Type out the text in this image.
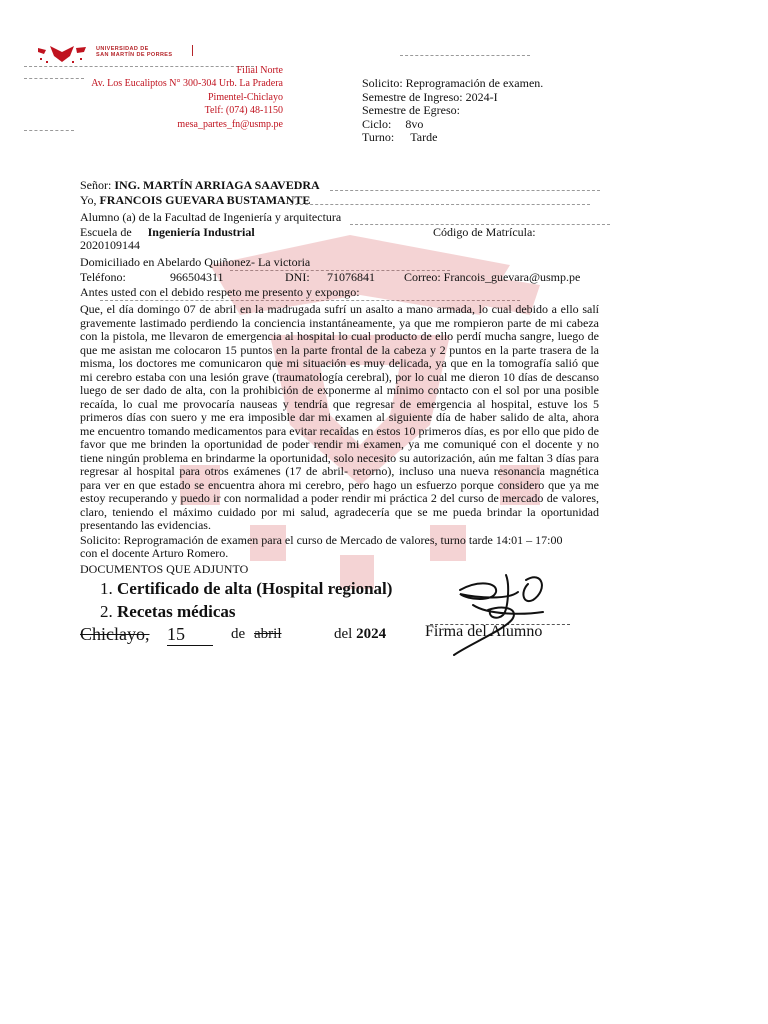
UNIVERSIDAD DE
SAN MARTÍN DE PORRES
Filial Norte
Av. Los Eucaliptos N° 300-304 Urb. La Pradera
Pimentel-Chiclayo
Telf: (074) 48-1150
mesa_partes_fn@usmp.pe
Solicito: Reprogramación de examen.
Semestre de Ingreso: 2024-I
Semestre de Egreso:
Ciclo: 8vo
Turno: Tarde
Señor: ING. MARTÍN ARRIAGA SAAVEDRA
Yo, FRANCOIS GUEVARA BUSTAMANTE
Alumno (a) de la Facultad de Ingeniería y arquitectura
Escuela de Ingeniería Industrial	Código de Matrícula:
2020109144
Domiciliado en Abelardo Quiñonez- La victoria
Teléfono:	966504311	DNI: 71076841 Correo: Francois_guevara@usmp.pe
Antes usted con el debido respeto me presento y expongo:
Que, el día domingo 07 de abril en la madrugada sufrí un asalto a mano armada, lo cual debido a ello salí gravemente lastimado perdiendo la conciencia instantáneamente, ya que me rompieron parte de mi cabeza con la pistola, me llevaron de emergencia al hospital lo cual producto de ello perdí mucha sangre, luego de que me asistan me colocaron 15 puntos en la parte frontal de la cabeza y 2 puntos en la parte trasera de la misma, los doctores me comunicaron que mi situación es muy delicada, ya que en la tomografía salió que mi cerebro estaba con una lesión grave (traumatología cerebral), por lo cual me dieron 10 días de descanso luego de ser dado de alta, con la prohibición de exponerme al mínimo contacto con el sol por una posible recaída, lo cual me provocaría nauseas y tendría que regresar de emergencia al hospital, estuve los 5 primeros días con suero y me era imposible dar mi examen al siguiente día de haber salido de alta, ahora me encuentro tomando medicamentos para evitar recaídas en estos 10 primeros días, es por ello que pido de favor que me brinden la oportunidad de poder rendir mi examen, ya me comuniqué con el docente y no tiene ningún problema en brindarme la oportunidad, solo necesito su autorización, aún me faltan 3 días para regresar al hospital para otros exámenes (17 de abril- retorno), incluso una nueva resonancia magnética para ver en que estado se encuentra ahora mi cerebro, pero hago un esfuerzo porque considero que ya me estoy recuperando y puedo ir con normalidad a poder rendir mi práctica 2 del curso de mercado de valores, claro, teniendo el máximo cuidado por mi salud, agradecería que se me pueda brindar la oportunidad presentando las evidencias.
Solicito: Reprogramación de examen para el curso de Mercado de valores, turno tarde 14:01 – 17:00
con el docente Arturo Romero.
DOCUMENTOS QUE ADJUNTO
1. Certificado de alta (Hospital regional)
2. Recetas médicas
Chiclayo, 15	de abril	del 2024 Firma del Alumno
